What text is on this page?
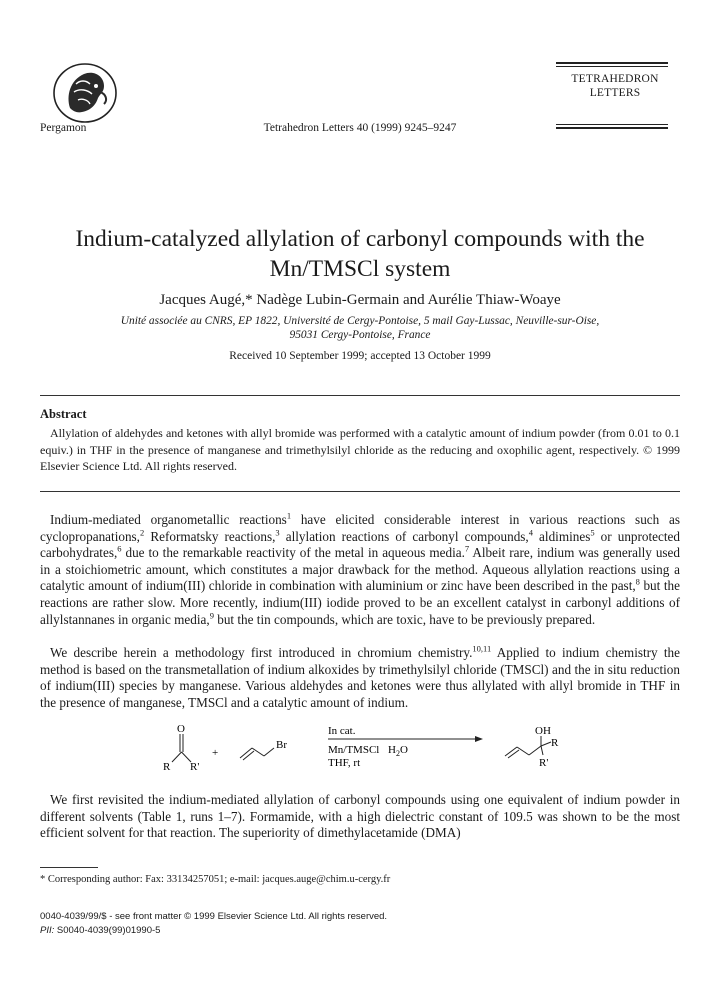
Pergamon	Tetrahedron Letters 40 (1999) 9245–9247
TETRAHEDRON
LETTERS
Indium-catalyzed allylation of carbonyl compounds with the
Mn/TMSCl system
Jacques Augé,* Nadège Lubin-Germain and Aurélie Thiaw-Woaye
Unité associée au CNRS, EP 1822, Université de Cergy-Pontoise, 5 mail Gay-Lussac, Neuville-sur-Oise,
95031 Cergy-Pontoise, France
Received 10 September 1999; accepted 13 October 1999
Abstract

Allylation of aldehydes and ketones with allyl bromide was performed with a catalytic amount of indium powder (from 0.01 to 0.1 equiv.) in THF in the presence of manganese and trimethylsilyl chloride as the reducing and oxophilic agent, respectively. © 1999 Elsevier Science Ltd. All rights reserved.

Indium-mediated organometallic reactions$^1$ have elicited considerable interest in various reactions such as cyclopropanations,$^2$ Reformatsky reactions,$^3$ allylation reactions of carbonyl compounds,$^4$ aldimines$^5$ or unprotected carbohydrates,$^6$ due to the remarkable reactivity of the metal in aqueous media.$^7$ Albeit rare, indium was generally used in a stoichiometric amount, which constitutes a major drawback for the method. Aqueous allylation reactions using a catalytic amount of indium(III) chloride in combination with aluminium or zinc have been described in the past,$^8$ but the reactions are rather slow. More recently, indium(III) iodide proved to be an excellent catalyst in carbonyl additions of allylstannanes in organic media,$^9$ but the tin compounds, which are toxic, have to be previously prepared.

We describe herein a methodology first introduced in chromium chemistry.$^{10,11}$ Applied to indium chemistry the method is based on the transmetallation of indium alkoxides by trimethylsilyl chloride (TMSCl) and the in situ reduction of indium(III) species by manganese. Various aldehydes and ketones were thus allylated with allyl bromide in THF in the presence of manganese, TMSCl and a catalytic amount of indium.

O
R R'
+
Br
In cat.
Mn/TMSCl $H_2O$
THF, rt
OH
R
R'

We first revisited the indium-mediated allylation of carbonyl compounds using one equivalent of indium powder in different solvents (Table 1, runs 1–7). Formamide, with a high dielectric constant of 109.5 was shown to be the most efficient solvent for that reaction. The superiority of dimethylacetamide (DMA)

* Corresponding author: Fax: 33134257051; e-mail: jacques.auge@chim.u-cergy.fr
0040-4039/99/$ - see front matter © 1999 Elsevier Science Ltd. All rights reserved.
PII: S0040-4039(99)01990-5
